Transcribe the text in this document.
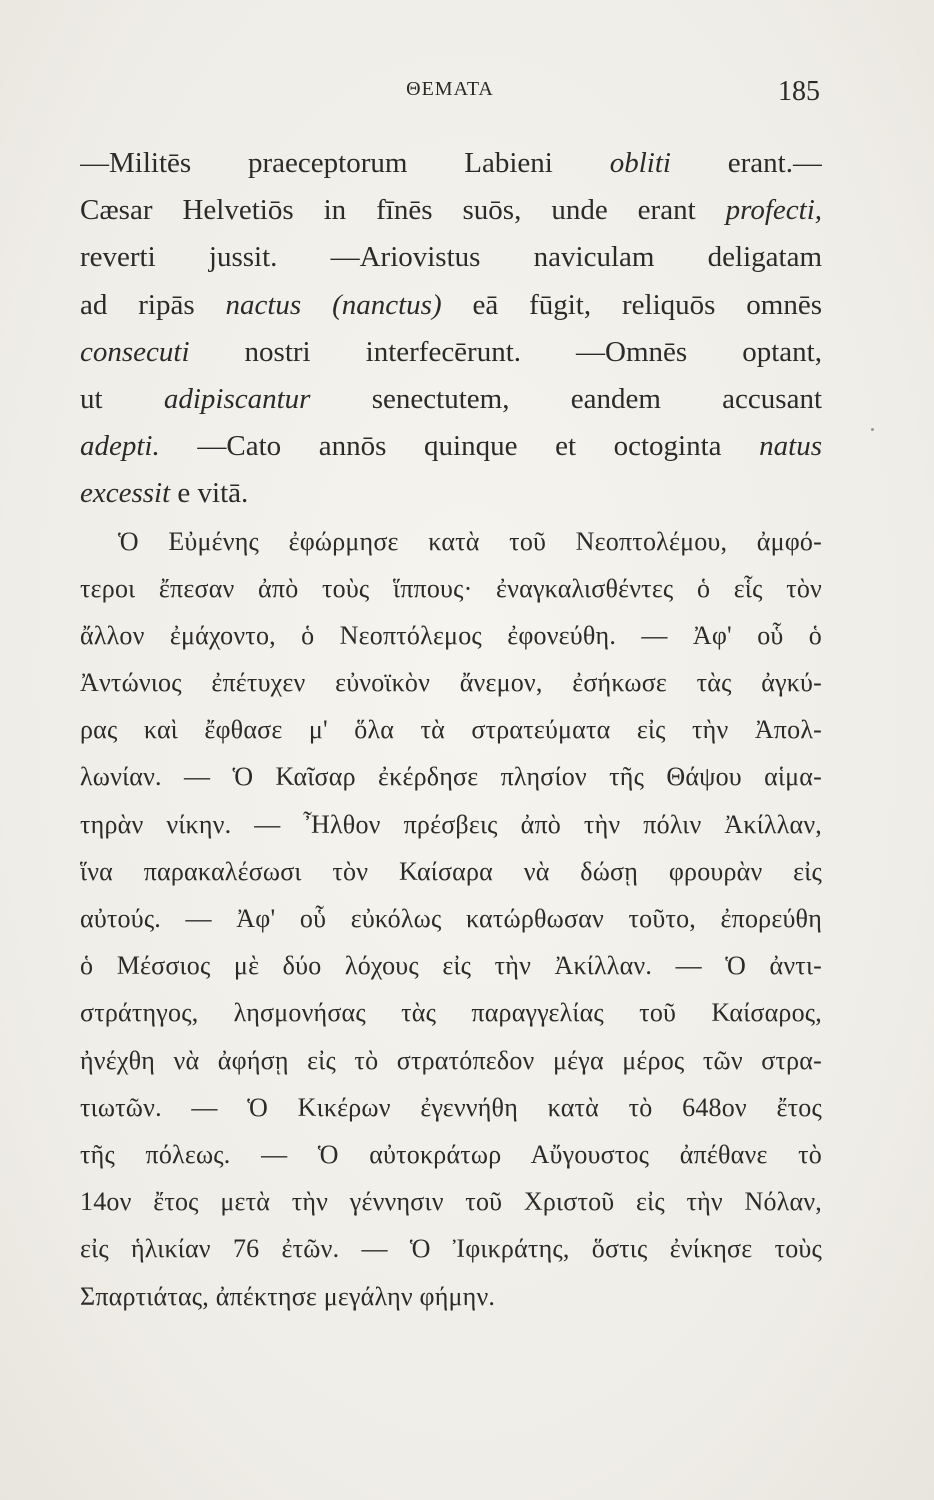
ΘΕΜΑΤΑ	185
—Militēs praeceptorum Labieni obliti erant.—
Cæsar Helvetiōs in fīnēs suōs, unde erant profecti,
reverti jussit. —Ariovistus naviculam deligatam
ad ripās nactus (nanctus) eā fūgit, reliquōs omnēs
consecuti nostri interfecērunt. —Omnēs optant,
ut adipiscantur senectutem, eandem accusant
adepti. —Cato annōs quinque et octoginta natus
excessit e vitā.
Ὁ Εὐμένης ἐφώρμησε κατὰ τοῦ Νεοπτολέμου, ἀμφό-
τεροι ἔπεσαν ἀπὸ τοὺς ἵππους· ἐναγκαλισθέντες ὁ εἷς τὸν
ἄλλον ἐμάχοντο, ὁ Νεοπτόλεμος ἐφονεύθη. — Ἀφ' οὗ ὁ
Ἀντώνιος ἐπέτυχεν εὐνοϊκὸν ἄνεμον, ἐσήκωσε τὰς ἀγκύ-
ρας καὶ ἔφθασε μ' ὅλα τὰ στρατεύματα εἰς τὴν Ἀπολ-
λωνίαν. — Ὁ Καῖσαρ ἐκέρδησε πλησίον τῆς Θάψου αἱμα-
τηρὰν νίκην. — Ἦλθον πρέσβεις ἀπὸ τὴν πόλιν Ἀκίλλαν,
ἵνα παρακαλέσωσι τὸν Καίσαρα νὰ δώσῃ φρουρὰν εἰς
αὐτούς. — Ἀφ' οὗ εὐκόλως κατώρθωσαν τοῦτο, ἐπορεύθη
ὁ Μέσσιος μὲ δύο λόχους εἰς τὴν Ἀκίλλαν. — Ὁ ἀντι-
στράτηγος, λησμονήσας τὰς παραγγελίας τοῦ Καίσαρος,
ἠνέχθη νὰ ἀφήσῃ εἰς τὸ στρατόπεδον μέγα μέρος τῶν στρα-
τιωτῶν. — Ὁ Κικέρων ἐγεννήθη κατὰ τὸ 648ον ἔτος
τῆς πόλεως. — Ὁ αὐτοκράτωρ Αὔγουστος ἀπέθανε τὸ
14ον ἔτος μετὰ τὴν γέννησιν τοῦ Χριστοῦ εἰς τὴν Νόλαν,
εἰς ἡλικίαν 76 ἐτῶν. — Ὁ Ἰφικράτης, ὅστις ἐνίκησε τοὺς
Σπαρτιάτας, ἀπέκτησε μεγάλην φήμην.
